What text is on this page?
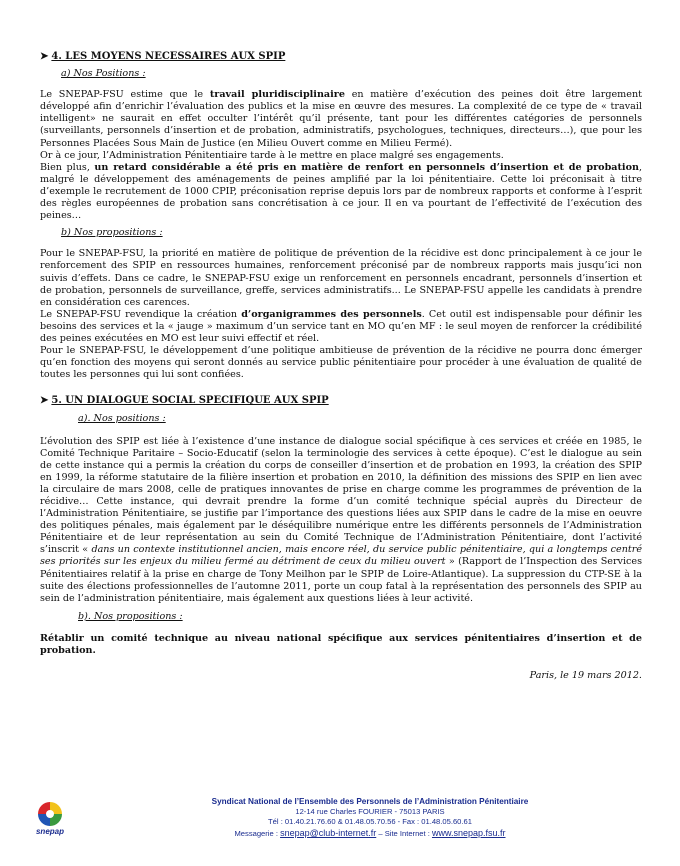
➤ 4. LES MOYENS NECESSAIRES AUX SPIP
a) Nos Positions :

Le SNEPAP-FSU estime que le travail pluridisciplinaire en matière d’exécution des peines doit être largement développé afin d’enrichir l’évaluation des publics et la mise en œuvre des mesures. La complexité de ce type de « travail intelligent» ne saurait en effet occulter l’intérêt qu’il présente, tant pour les différentes catégories de personnels (surveillants, personnels d’insertion et de probation, administratifs, psychologues, techniques, directeurs…), que pour les Personnes Placées Sous Main de Justice (en Milieu Ouvert comme en Milieu Fermé).

Or à ce jour, l’Administration Pénitentiaire tarde à le mettre en place malgré ses engagements.

Bien plus, un retard considérable a été pris en matière de renfort en personnels d’insertion et de probation, malgré le développement des aménagements de peines amplifié par la loi pénitentiaire. Cette loi préconisait à titre d’exemple le recrutement de 1000 CPIP, préconisation reprise depuis lors par de nombreux rapports et conforme à l’esprit des règles européennes de probation sans concrétisation à ce jour. Il en va pourtant de l’effectivité de l’exécution des peines…

b) Nos propositions :

Pour le SNEPAP-FSU, la priorité en matière de politique de prévention de la récidive est donc principalement à ce jour le renforcement des SPIP en ressources humaines, renforcement préconisé par de nombreux rapports mais jusqu’ici non suivis d’effets. Dans ce cadre, le SNEPAP-FSU exige un renforcement en personnels encadrant, personnels d’insertion et de probation, personnels de surveillance, greffe, services administratifs... Le SNEPAP-FSU appelle les candidats à prendre en considération ces carences.

Le SNEPAP-FSU revendique la création d’organigrammes des personnels. Cet outil est indispensable pour définir les besoins des services et la « jauge » maximum d’un service tant en MO qu’en MF : le seul moyen de renforcer la crédibilité des peines exécutées en MO est leur suivi effectif et réel.

Pour le SNEPAP-FSU, le développement d’une politique ambitieuse de prévention de la récidive ne pourra donc émerger qu’en fonction des moyens qui seront donnés au service public pénitentiaire pour procéder à une évaluation de qualité de toutes les personnes qui lui sont confiées.

➤ 5. UN DIALOGUE SOCIAL SPECIFIQUE AUX SPIP
a). Nos positions :

L’évolution des SPIP est liée à l’existence d’une instance de dialogue social spécifique à ces services et créée en 1985, le Comité Technique Paritaire – Socio-Educatif (selon la terminologie des services à cette époque). C’est le dialogue au sein de cette instance qui a permis la création du corps de conseiller d’insertion et de probation en 1993, la création des SPIP en 1999, la réforme statutaire de la filière insertion et probation en 2010, la définition des missions des SPIP en lien avec la circulaire de mars 2008, celle de pratiques innovantes de prise en charge comme les programmes de prévention de la récidive… Cette instance, qui devrait prendre la forme d’un comité technique spécial auprès du Directeur de l’Administration Pénitentiaire, se justifie par l’importance des questions liées aux SPIP dans le cadre de la mise en oeuvre des politiques pénales, mais également par le déséquilibre numérique entre les différents personnels de l’Administration Pénitentiaire et de leur représentation au sein du Comité Technique de l’Administration Pénitentiaire, dont l’activité s’inscrit « dans un contexte institutionnel ancien, mais encore réel, du service public pénitentiaire, qui a longtemps centré ses priorités sur les enjeux du milieu fermé au détriment de ceux du milieu ouvert » (Rapport de l’Inspection des Services Pénitentiaires relatif à la prise en charge de Tony Meilhon par le SPIP de Loire-Atlantique). La suppression du CTP-SE à la suite des élections professionnelles de l’automne 2011, porte un coup fatal à la représentation des personnels des SPIP au sein de l’administration pénitentiaire, mais également aux questions liées à leur activité.

b). Nos propositions :

Rétablir un comité technique au niveau national spécifique aux services pénitentiaires d’insertion et de probation.

Paris, le 19 mars 2012.
snepap
Syndicat National de l’Ensemble des Personnels de l’Administration Pénitentiaire
12-14 rue Charles FOURIER - 75013 PARIS
Tél : 01.40.21.76.60 & 01.48.05.70.56 - Fax : 01.48.05.60.61
Messagerie : snepap@club-internet.fr – Site Internet : www.snepap.fsu.fr
